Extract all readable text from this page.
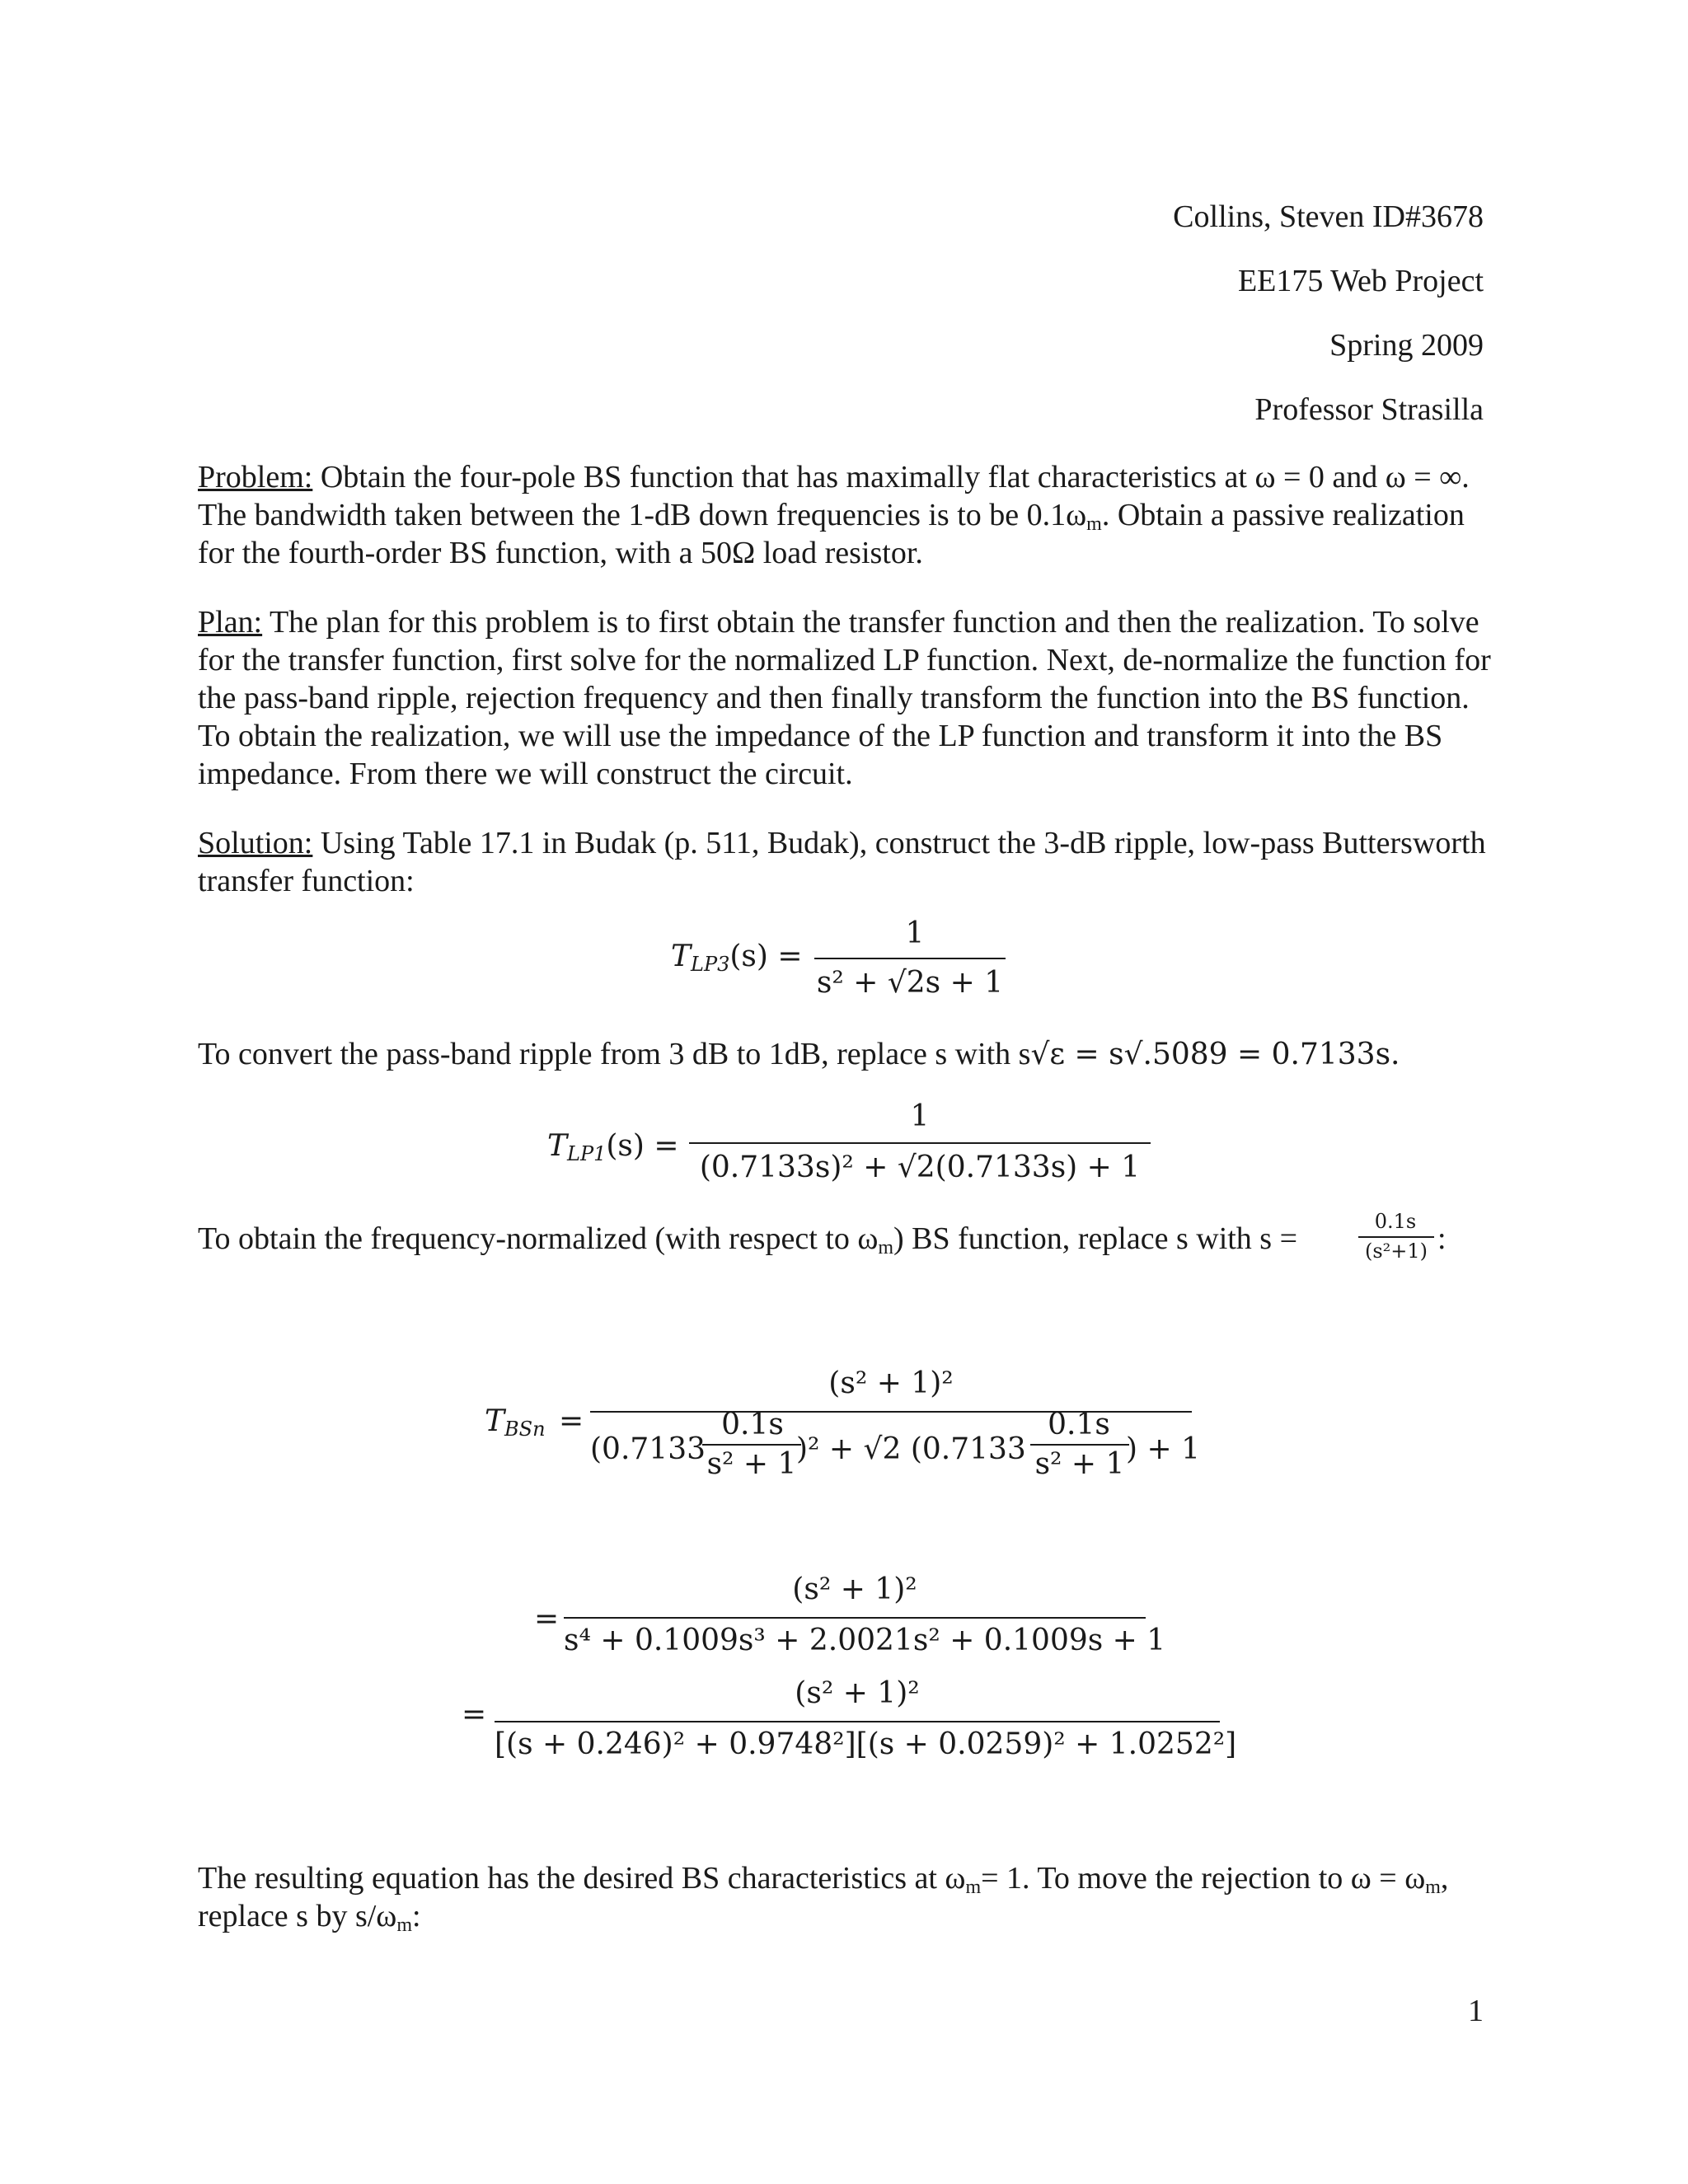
Collins, Steven ID#3678
EE175 Web Project
Spring 2009
Professor Strasilla
Problem: Obtain the four-pole BS function that has maximally flat characteristics at ω = 0 and ω = ∞. The bandwidth taken between the 1-dB down frequencies is to be $0.1\omega_m$. Obtain a passive realization for the fourth-order BS function, with a 50Ω load resistor.
Plan: The plan for this problem is to first obtain the transfer function and then the realization. To solve for the transfer function, first solve for the normalized LP function. Next, de-normalize the function for the pass-band ripple, rejection frequency and then finally transform the function into the BS function. To obtain the realization, we will use the impedance of the LP function and transform it into the BS impedance. From there we will construct the circuit.
Solution: Using Table 17.1 in Budak (p. 511, Budak), construct the 3-dB ripple, low-pass Buttersworth transfer function:
$T_{LP3}(s)$ =
1
s² + √2s + 1
To convert the pass-band ripple from 3 dB to 1dB, replace s with s√ε = s√.5089 = 0.7133s.
$T_{LP1}(s)$ =
1
(0.7133s)² + √2(0.7133s) + 1
To obtain the frequency-normalized (with respect to $\omega_m$) BS function, replace s with s =	0.1s
(s²+1) :
$T_{BSn}$ =
(s² + 1)²
(0.7133
0.1s
s² + 1 )² + √2 (0.7133
0.1s
s² + 1 ) + 1
=
(s² + 1)²
s⁴ + 0.1009s³ + 2.0021s² + 0.1009s + 1
=
(s² + 1)²
[(s + 0.246)² + 0.9748²][(s + 0.0259)² + 1.0252²]
The resulting equation has the desired BS characteristics at $\omega_m= 1$. To move the rejection to $\omega = \omega_m$, replace s by $s/\omega_m$:
1
